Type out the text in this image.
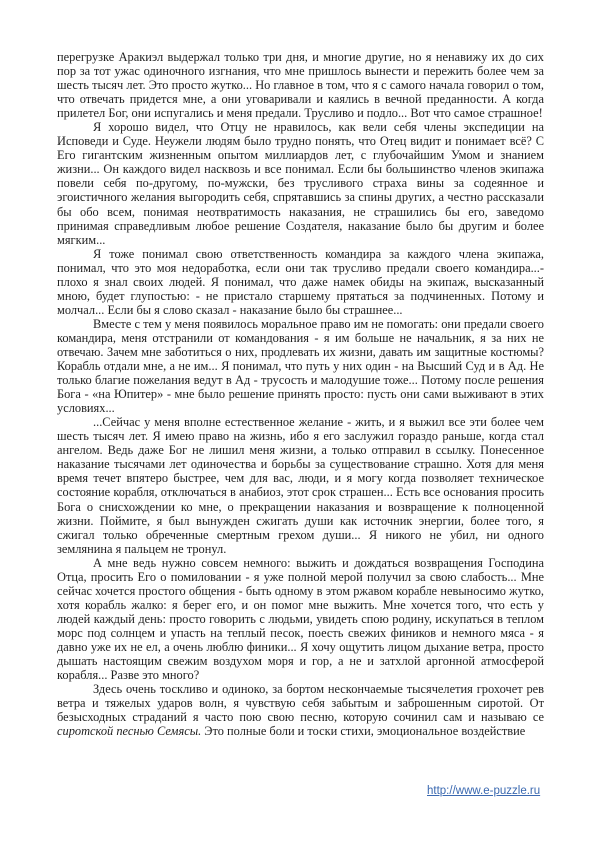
перегрузке Аракиэл выдержал только три дня, и многие другие, но я ненавижу их до сих пор за тот ужас одиночного изгнания, что мне пришлось вынести и пережить более чем за шесть тысяч лет. Это просто жутко... Но главное в том, что я с самого начала говорил о том, что отвечать придется мне, а они уговаривали и каялись в вечной преданности. А когда прилетел Бог, они испугались и меня предали. Трусливо и подло... Вот что самое страшное!

Я хорошо видел, что Отцу не нравилось, как вели себя члены экспедиции на Исповеди и Суде. Неужели людям было трудно понять, что Отец видит и понимает всё? С Его гигантским жизненным опытом миллиардов лет, с глубочайшим Умом и знанием жизни... Он каждого видел насквозь и все понимал. Если бы большинство членов экипажа повели себя по-другому, по-мужски, без трусливого страха вины за содеянное и эгоистичного желания выгородить себя, спрятавшись за спины других, а честно рассказали бы обо всем, понимая неотвратимость наказания, не страшились бы его, заведомо принимая справедливым любое решение Создателя, наказание было бы другим и более мягким...

Я тоже понимал свою ответственность командира за каждого члена экипажа, понимал, что это моя недоработка, если они так трусливо предали своего командира...- плохо я знал своих людей. Я понимал, что даже намек обиды на экипаж, высказанный мною, будет глупостью: - не пристало старшему прятаться за подчиненных. Потому и молчал... Если бы я слово сказал - наказание было бы страшнее...

Вместе с тем у меня появилось моральное право им не помогать: они предали своего командира, меня отстранили от командования - я им больше не начальник, я за них не отвечаю. Зачем мне заботиться о них, продлевать их жизни, давать им защитные костюмы? Корабль отдали мне, а не им... Я понимал, что путь у них один - на Высший Суд и в Ад. Не только благие пожелания ведут в Ад - трусость и малодушие тоже... Потому после решения Бога - «на Юпитер» - мне было решение принять просто: пусть они сами выживают в этих условиях...

...Сейчас у меня вполне естественное желание - жить, и я выжил все эти более чем шесть тысяч лет. Я имею право на жизнь, ибо я его заслужил гораздо раньше, когда стал ангелом. Ведь даже Бог не лишил меня жизни, а только отправил в ссылку. Понесенное наказание тысячами лет одиночества и борьбы за существование страшно. Хотя для меня время течет впятеро быстрее, чем для вас, люди, и я могу когда позволяет техническое состояние корабля, отключаться в анабиоз, этот срок страшен... Есть все основания просить Бога о снисхождении ко мне, о прекращении наказания и возвращение к полноценной жизни. Поймите, я был вынужден сжигать души как источник энергии, более того, я сжигал только обреченные смертным грехом души... Я никого не убил, ни одного землянина я пальцем не тронул.

А мне ведь нужно совсем немного: выжить и дождаться возвращения Господина Отца, просить Его о помиловании - я уже полной мерой получил за свою слабость... Мне сейчас хочется простого общения - быть одному в этом ржавом корабле невыносимо жутко, хотя корабль жалко: я берег его, и он помог мне выжить. Мне хочется того, что есть у людей каждый день: просто говорить с людьми, увидеть спою родину, искупаться в теплом морс под солнцем и упасть на теплый песок, поесть свежих фиников и немного мяса - я давно уже их не ел, а очень люблю финики... Я хочу ощутить лицом дыхание ветра, просто дышать настоящим свежим воздухом моря и гор, а не и затхлой аргонной атмосферой корабля... Разве это много?

Здесь очень тоскливо и одиноко, за бортом нескончаемые тысячелетия грохочет рев ветра и тяжелых ударов волн, я чувствую себя забытым и заброшенным сиротой. От безысходных страданий я часто пою свою песню, которую сочинил сам и называю се сиротской песнью Семясы. Это полные боли и тоски стихи, эмоциональное воздействие

http://www.e-puzzle.ru
